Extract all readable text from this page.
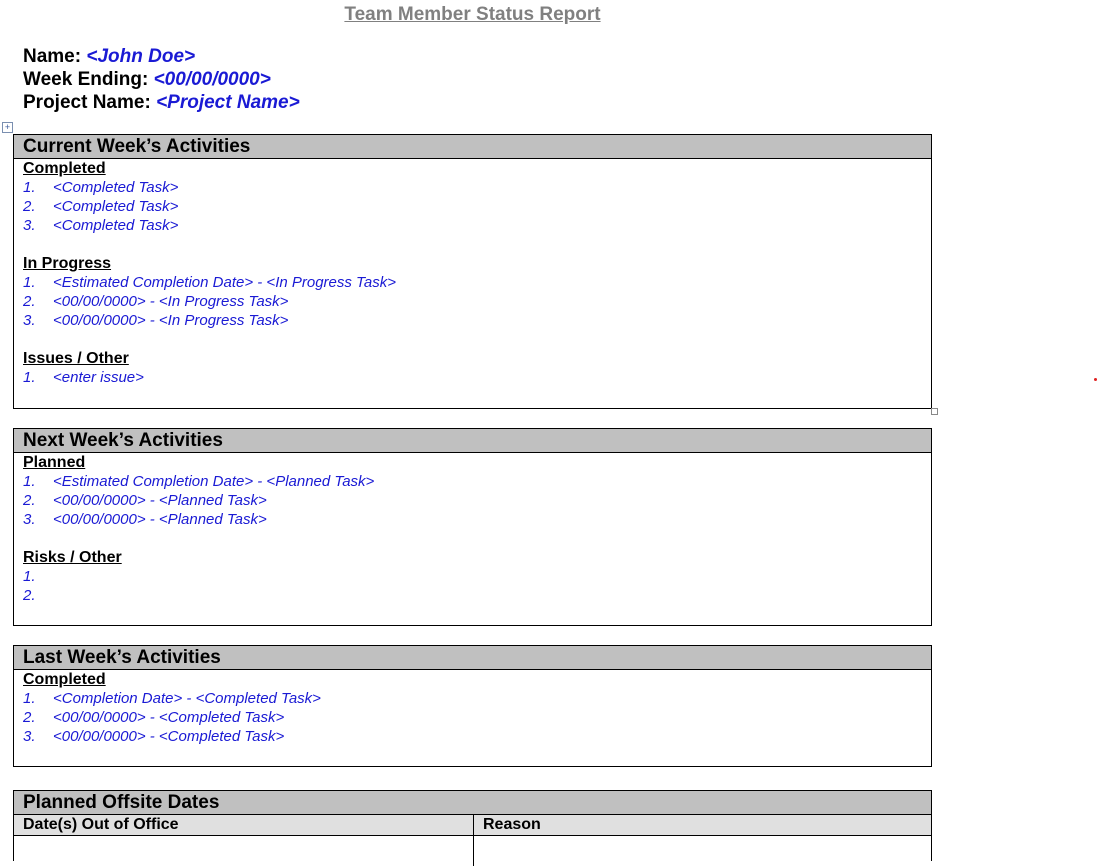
Team Member Status Report
Name: <John Doe>
Week Ending: <00/00/0000>
Project Name: <Project Name>
+
Current Week’s Activities
Completed
1. <Completed Task>
2. <Completed Task>
3. <Completed Task>
In Progress
1. <Estimated Completion Date> - <In Progress Task>
2. <00/00/0000> - <In Progress Task>
3. <00/00/0000> - <In Progress Task>
Issues / Other
1. <enter issue>
Next Week’s Activities
Planned
1. <Estimated Completion Date> - <Planned Task>
2. <00/00/0000> - <Planned Task>
3. <00/00/0000> - <Planned Task>
Risks / Other
1.
2.
Last Week’s Activities
Completed
1. <Completion Date> - <Completed Task>
2. <00/00/0000> - <Completed Task>
3. <00/00/0000> - <Completed Task>
Planned Offsite Dates
Date(s) Out of Office	Reason
